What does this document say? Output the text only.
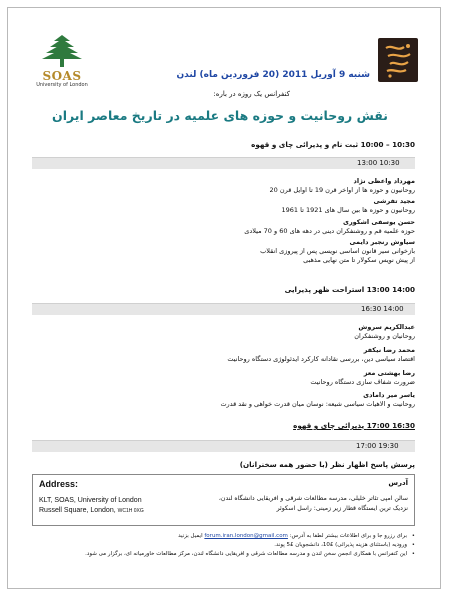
SOAS
University of London
شنبه 9 آوریل 2011 (20 فروردین ماه) لندن
کنفرانس یک روزه در باره:
نقش روحانیت و حوزه های علمیه در تاریخ معاصر ایران
10:30 – 10:00 ثبت نام و پذیرائی چای و قهوه
13:00 10:30
مهرداد واعظی نژاد
روحانیون و حوزه ها از اواخر قرن 19 تا اوایل قرن 20
مجید تفرشی
روحانیون و حوزه ها بین سال های 1921 تا 1961
حسن یوسفی اشکوری
حوزه علمیه قم و روشنفکران دینی در دهه های 60 و 70 میلادی
سیاوش رنجبر دایمی
بازخوانی سیر قانون اساسی نویسی پس از پیروزی انقلاب
از پیش نویس سکولار تا متن نهایی مذهبی
14:00 13:00 استراحت ظهر پذیرایی
16:30 14:00
عبدالکریم سروش
روحانیان و روشنفکران
محمد رضا نیکفر
اقتصاد سیاسی دین، بررسی نقادانه کارکرد ایدئولوژی دستگاه روحانیت
رضا بهشتی معز
ضرورت شفاف سازی دستگاه روحانیت
یاسر میر دامادی
روحانیت و الاهیات سیاسی شیعه: نوسان میان قدرت خواهی و نقد قدرت
16:30 17:00 پذیرائی چای و قهوه
17:00 19:30
پرسش پاسخ اظهار نظر (با حضور همه سخنرانان)
Address:
KLT, SOAS, University of London
Russell Square, London, WC1H 0XG
آدرس
سالن امپی تئاتر خلیلی، مدرسه مطالعات شرقی و افریقایی دانشگاه لندن،
نزدیک ترین ایستگاه قطار زیر زمینی: راسل اسکوئر
• برای رزرو جا و برای اطلاعات بیشتر لطفا به آدرس: forum.iran.london@gmail.com ایمیل بزنید
• ورودیه (باستثنای هزینه پذیرائی) £10، دانشجویان £5 پوند.
• این کنفرانس با همکاری انجمن سخن لندن و مدرسه مطالعات شرقی و افریقایی دانشگاه لندن، مرکز مطالعات خاورمیانه ای، برگزار می شود.
